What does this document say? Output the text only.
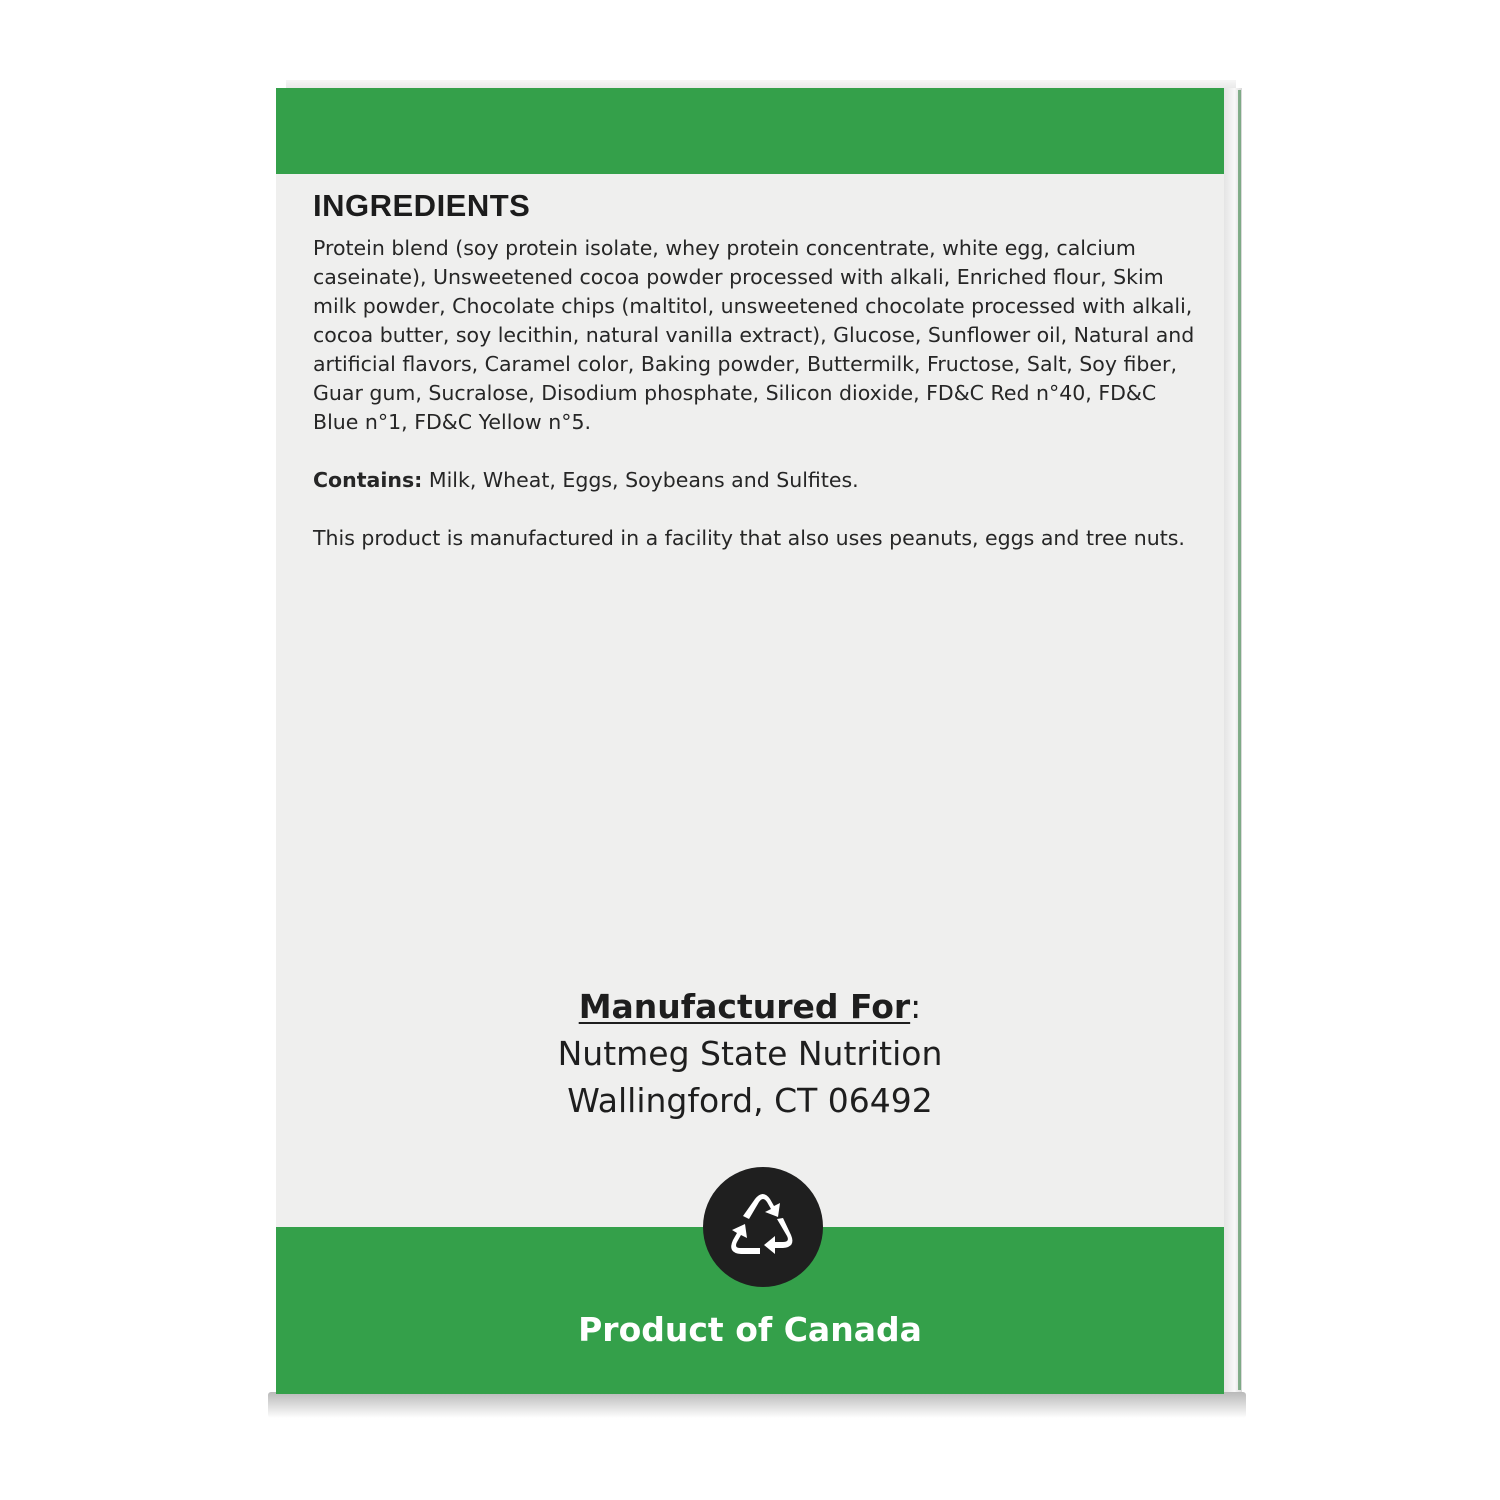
INGREDIENTS

Protein blend (soy protein isolate, whey protein concentrate, white egg, calcium caseinate), Unsweetened cocoa powder processed with alkali, Enriched flour, Skim milk powder, Chocolate chips (maltitol, unsweetened chocolate processed with alkali, cocoa butter, soy lecithin, natural vanilla extract), Glucose, Sunflower oil, Natural and artificial flavors, Caramel color, Baking powder, Buttermilk, Fructose, Salt, Soy fiber, Guar gum, Sucralose, Disodium phosphate, Silicon dioxide, FD&C Red n°40, FD&C Blue n°1, FD&C Yellow n°5.

Contains: Milk, Wheat, Eggs, Soybeans and Sulfites.

This product is manufactured in a facility that also uses peanuts, eggs and tree nuts.

Manufactured For:
Nutmeg State Nutrition
Wallingford, CT 06492
Product of Canada
